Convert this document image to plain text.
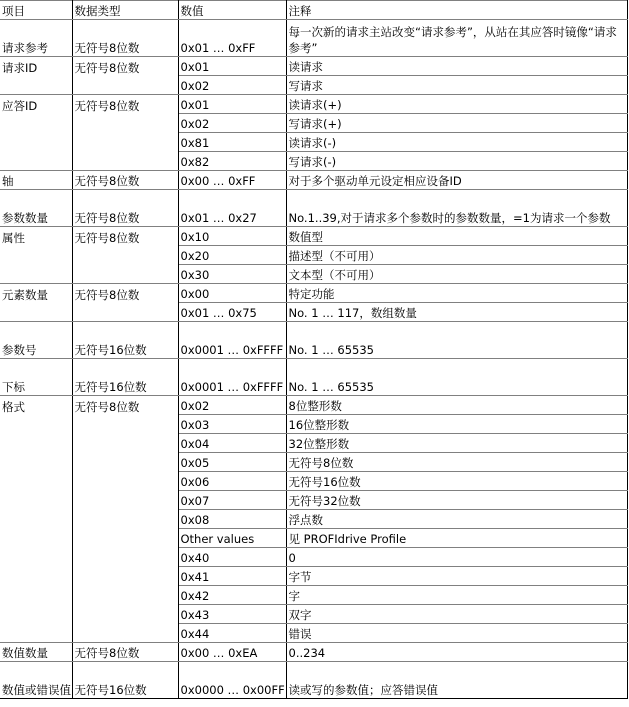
项目	数据类型	数值	注释
请求参考	无符号8位数	0x01 … 0xFF	每一次新的请求主站改变“请求参考”，从站在其应答时镜像“请求参考”
请求ID	无符号8位数	0x01	读请求
		0x02	写请求
应答ID	无符号8位数	0x01	读请求(+)
		0x02	写请求(+)
		0x81	读请求(-)
		0x82	写请求(-)
轴	无符号8位数	0x00 … 0xFF	对于多个驱动单元设定相应设备ID
参数数量	无符号8位数	0x01 … 0x27	No.1..39,对于请求多个参数时的参数数量，=1为请求一个参数
属性	无符号8位数	0x10	数值型
		0x20	描述型（不可用）
		0x30	文本型（不可用）
元素数量	无符号8位数	0x00	特定功能
		0x01 … 0x75	No. 1 … 117，数组数量
参数号	无符号16位数	0x0001 … 0xFFFF	No. 1 … 65535
下标	无符号16位数	0x0001 … 0xFFFF	No. 1 … 65535
格式	无符号8位数	0x02	8位整形数
		0x03	16位整形数
		0x04	32位整形数
		0x05	无符号8位数
		0x06	无符号16位数
		0x07	无符号32位数
		0x08	浮点数
		Other values	见 PROFIdrive Profile
		0x40	0
		0x41	字节
		0x42	字
		0x43	双字
		0x44	错误
数值数量	无符号8位数	0x00 … 0xEA	0..234
数值或错误值	无符号16位数	0x0000 … 0x00FF	读或写的参数值；应答错误值
